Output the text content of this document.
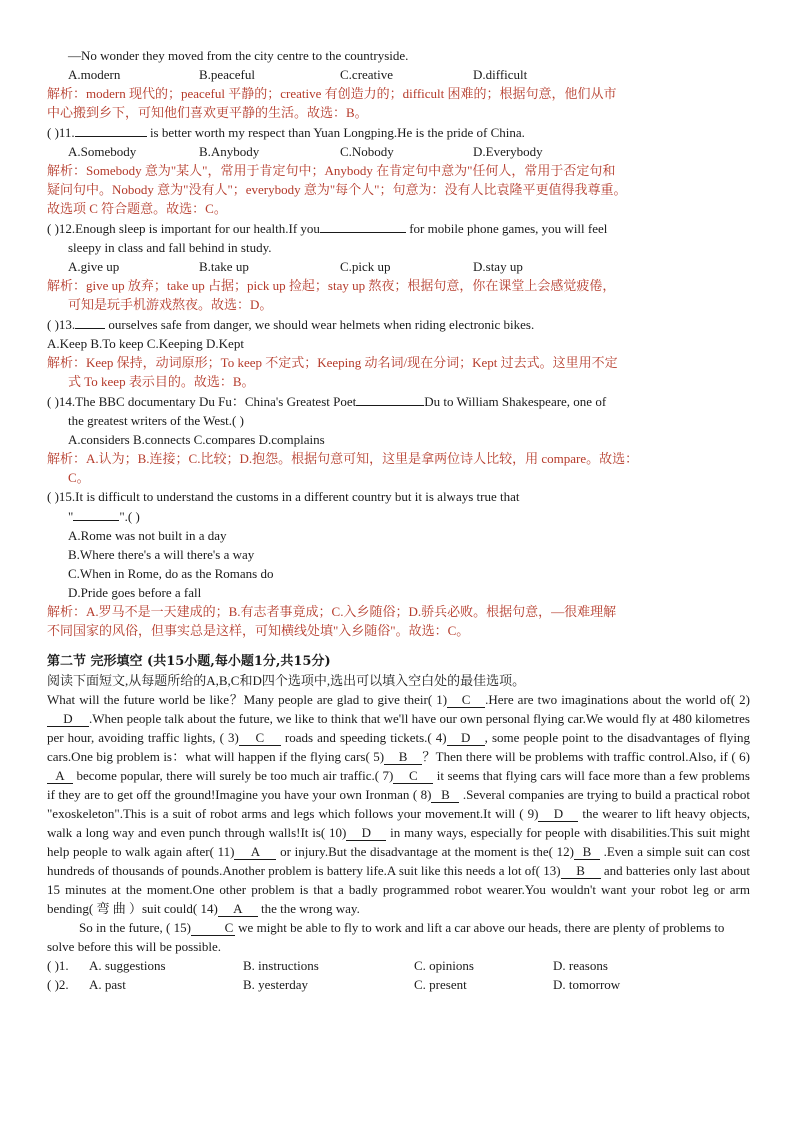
—No wonder they moved from the city centre to the countryside.
A.modern	B.peaceful	C.creative	D.difficult
解析：modern 现代的；peaceful 平静的；creative 有创造力的；difficult 困难的；根据句意，他们从市
中心搬到乡下，可知他们喜欢更平静的生活。故选：B。
( )11.	is better worth my respect than Yuan Longping.He is the pride of China.
A.Somebody	B.Anybody	C.Nobody	D.Everybody
解析：Somebody 意为"某人"，常用于肯定句中；Anybody 在肯定句中意为"任何人，常用于否定句和
疑问句中。Nobody 意为"没有人"；everybody 意为"每个人"；句意为：没有人比袁隆平更值得我尊重。
故选项 C 符合题意。故选：C。
( )12.Enough sleep is important for our health.If you	for mobile phone games, you will feel
sleepy in class and fall behind in study.
A.give up	B.take up	C.pick up	D.stay up
解析：give up 放弃；take up 占据；pick up 捡起；stay up 熬夜；根据句意，你在课堂上会感觉疲倦，
可知是玩手机游戏熬夜。故选：D。
( )13. ourselves safe from danger, we should wear helmets when riding electronic bikes.
A.Keep B.To keep C.Keeping D.Kept
解析：Keep 保持，动词原形；To keep 不定式；Keeping 动名词/现在分词；Kept 过去式。这里用不定
式 To keep 表示目的。故选：B。
( )14.The BBC documentary Du Fu：China's Greatest Poet	Du to William Shakespeare, one of
the greatest writers of the West.( )
A.considers B.connects C.compares D.complains
解析：A.认为；B.连接；C.比较；D.抱怨。根据句意可知，这里是拿两位诗人比较，用 compare。故选：
C。
( )15.It is difficult to understand the customs in a different country but it is always true that
"	".( )
A.Rome was not built in a day
B.Where there's a will there's a way
C.When in Rome, do as the Romans do
D.Pride goes before a fall
解析：A.罗马不是一天建成的；B.有志者事竟成；C.入乡随俗；D.骄兵必败。根据句意，—很难理解
不同国家的风俗，但事实总是这样，可知横线处填"入乡随俗"。故选：C。
第二节 完形填空 (共15小题,每小题1分,共15分)
阅读下面短文,从每题所给的A,B,C和D四个选项中,选出可以填入空白处的最佳选项。

What will the future world be like？Many people are glad to give their( 1) C .Here are two imaginations about the world of( 2)D .When people talk about the future, we like to think that we'll have our own personal flying car.We would fly at 480 kilometres per hour, avoiding traffic lights, ( 3) C roads and speeding tickets.( 4) D , some people point to the disadvantages of flying cars.One big problem is：what will happen if the flying cars( 5) B ？Then there will be problems with traffic control.Also, if ( 6)A become popular, there will surely be too much air traffic.( 7) C it seems that flying cars will face more than a few problems if they are to get off the ground!Imagine you have your own Ironman ( 8) B .Several companies are trying to build a practical robot "exoskeleton".This is a suit of robot arms and legs which follows your movement.It will ( 9) D the wearer to lift heavy objects, walk a long way and even punch through walls!It is( 10) D in many ways, especially for people with disabilities.This suit might help people to walk again after( 11) A or injury.But the disadvantage at the moment is the( 12) B .Even a simple suit can cost hundreds of thousands of pounds.Another problem is battery life.A suit like this needs a lot of( 13) B and batteries only last about 15 minutes at the moment.One other problem is that a badly programmed robot wearer.You wouldn't want your robot leg or arm bending( 弯 曲 ）suit could( 14) A the the wrong way.

So in the future, ( 15)	C we might be able to fly to work and lift a car above our heads, there are plenty of problems to solve before this will be possible.

( )1.	A. suggestions	B. instructions	C. opinions	D. reasons
( )2.	A. past	B. yesterday	C. present	D. tomorrow
